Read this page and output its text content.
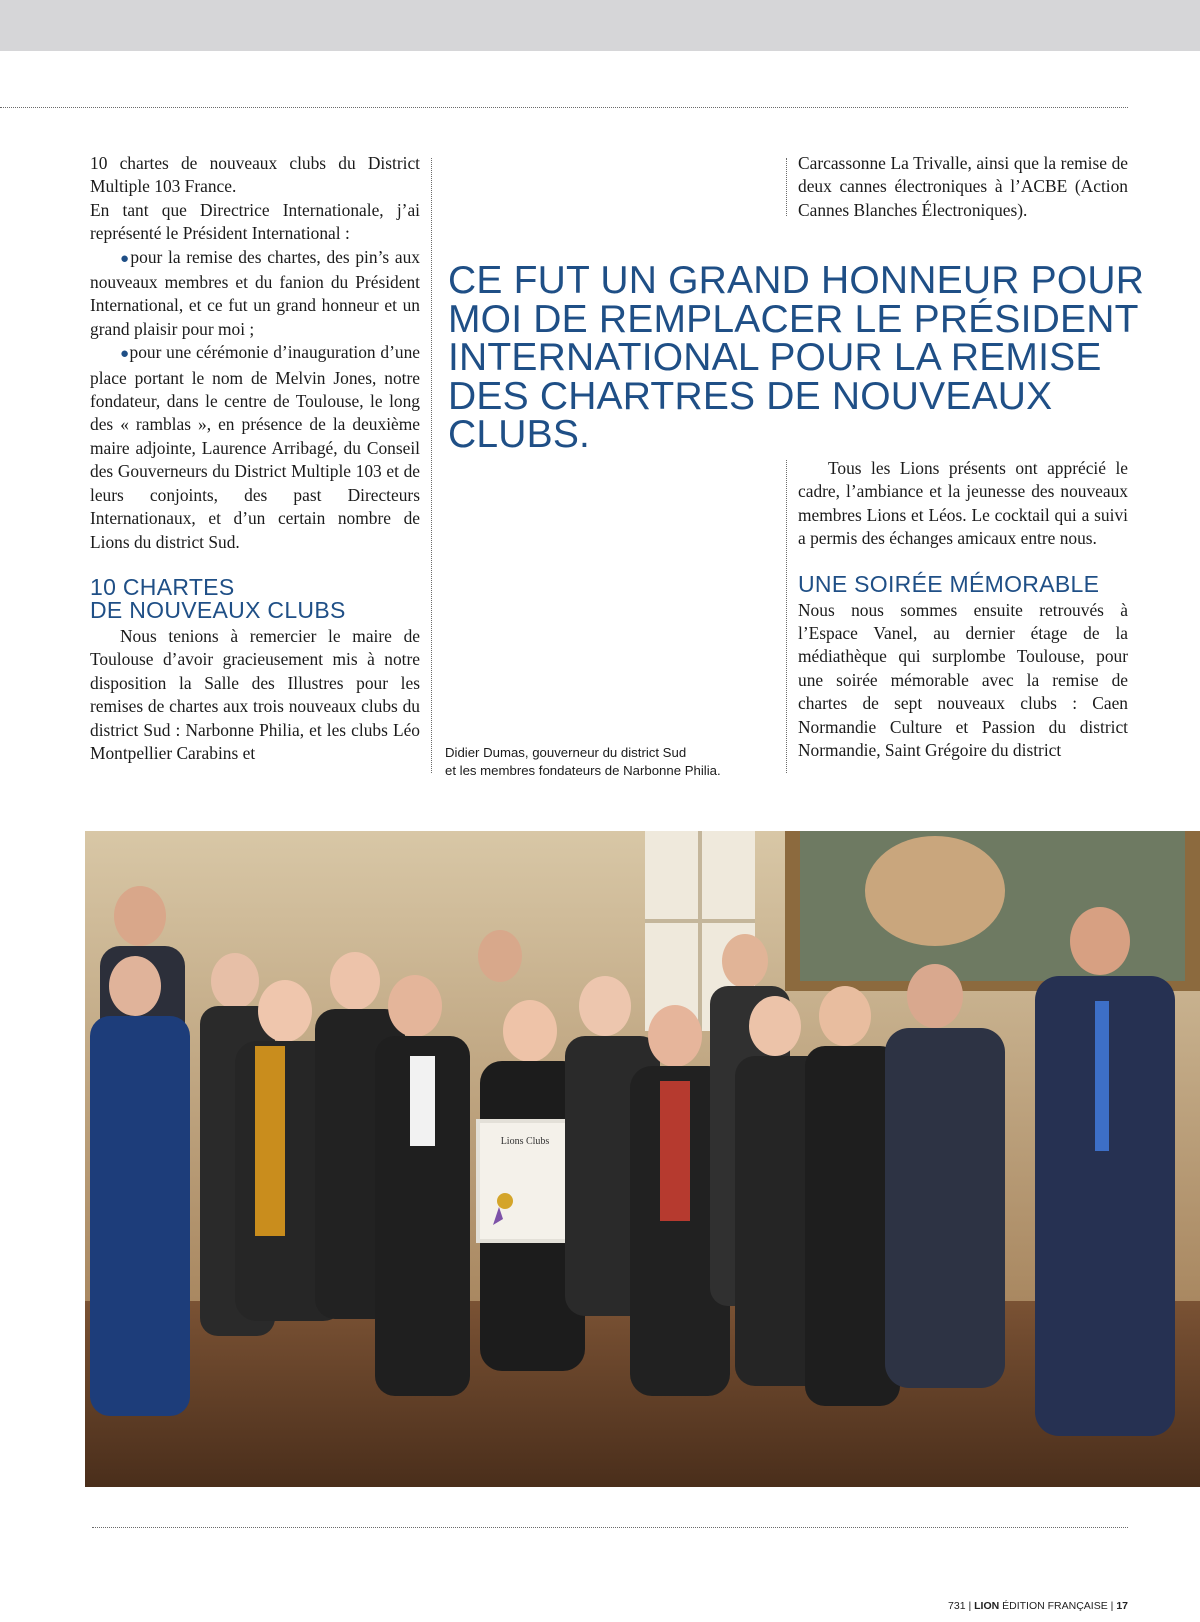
10 chartes de nouveaux clubs du District Multiple 103 France.

En tant que Directrice Internationale, j’ai représenté le Président International :

●pour la remise des chartes, des pin’s aux nouveaux membres et du fanion du Président International, et ce fut un grand honneur et un grand plaisir pour moi ;

●pour une cérémonie d’inauguration d’une place portant le nom de Melvin Jones, notre fondateur, dans le centre de Toulouse, le long des « ramblas », en présence de la deuxième maire adjointe, Laurence Arribagé, du Conseil des Gouverneurs du District Multiple 103 et de leurs conjoints, des past Directeurs Internationaux, et d’un certain nombre de Lions du district Sud.

10 CHARTES
DE NOUVEAUX CLUBS

Nous tenions à remercier le maire de Toulouse d’avoir gracieusement mis à notre disposition la Salle des Illustres pour les remises de chartes aux trois nouveaux clubs du district Sud : Narbonne Philia, et les clubs Léo Montpellier Carabins et

CE FUT UN GRAND HONNEUR POUR
MOI DE REMPLACER LE PRÉSIDENT
INTERNATIONAL POUR LA REMISE
DES CHARTRES DE NOUVEAUX CLUBS.

Carcassonne La Trivalle, ainsi que la remise de deux cannes électroniques à l’ACBE (Action Cannes Blanches Électroniques).

Tous les Lions présents ont apprécié le cadre, l’ambiance et la jeunesse des nouveaux membres Lions et Léos. Le cocktail qui a suivi a permis des échanges amicaux entre nous.

UNE SOIRÉE MÉMORABLE

Nous nous sommes ensuite retrouvés à l’Espace Vanel, au dernier étage de la médiathèque qui surplombe Toulouse, pour une soirée mémorable avec la remise de chartes de sept nouveaux clubs : Caen Normandie Culture et Passion du district Normandie, Saint Grégoire du district

Didier Dumas, gouverneur du district Sud
et les membres fondateurs de Narbonne Philia.
Lions Clubs
731 | LION ÉDITION FRANÇAISE | 17
